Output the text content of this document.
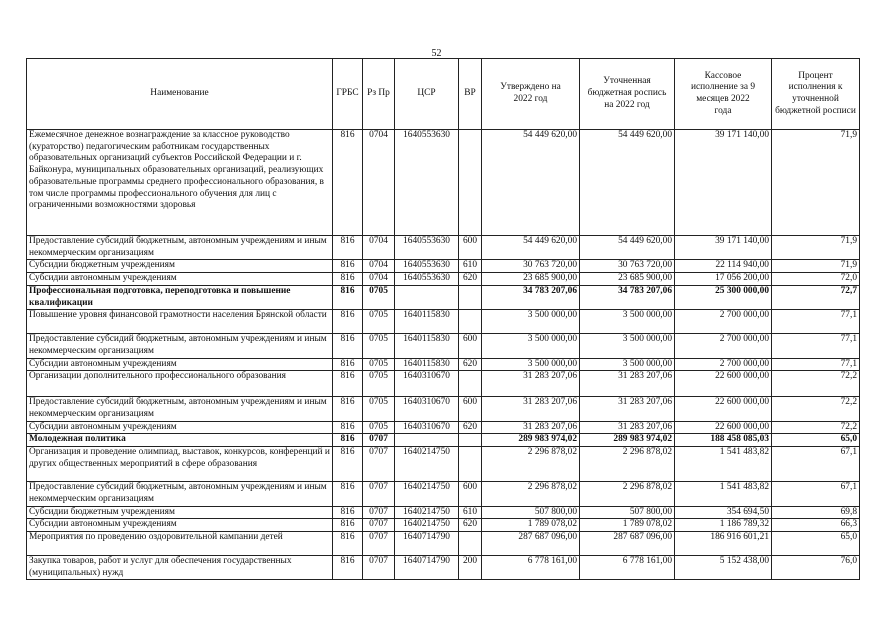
52
Наименование	ГРБС	Рз Пр	ЦСР	ВР	Утверждено на 2022 год	Уточненная бюджетная роспись на 2022 год	Кассовое исполнение за 9 месяцев 2022 года	Процент исполнения к уточненной бюджетной росписи
Ежемесячное денежное вознаграждение за классное руководство (кураторство) педагогическим работникам государственных образовательных организаций субъектов Российской Федерации и г. Байконура, муниципальных образовательных организаций, реализующих образовательные программы среднего профессионального образования, в том числе программы профессионального обучения для лиц с ограниченными возможностями здоровья	816	0704	1640553630		54 449 620,00	54 449 620,00	39 171 140,00	71,9
Предоставление субсидий бюджетным, автономным учреждениям и иным некоммерческим организациям	816	0704	1640553630	600	54 449 620,00	54 449 620,00	39 171 140,00	71,9
Субсидии бюджетным учреждениям	816	0704	1640553630	610	30 763 720,00	30 763 720,00	22 114 940,00	71,9
Субсидии автономным учреждениям	816	0704	1640553630	620	23 685 900,00	23 685 900,00	17 056 200,00	72,0
Профессиональная подготовка, переподготовка и повышение квалификации	816	0705			34 783 207,06	34 783 207,06	25 300 000,00	72,7
Повышение уровня финансовой грамотности населения Брянской области	816	0705	1640115830		3 500 000,00	3 500 000,00	2 700 000,00	77,1
Предоставление субсидий бюджетным, автономным учреждениям и иным некоммерческим организациям	816	0705	1640115830	600	3 500 000,00	3 500 000,00	2 700 000,00	77,1
Субсидии автономным учреждениям	816	0705	1640115830	620	3 500 000,00	3 500 000,00	2 700 000,00	77,1
Организации дополнительного профессионального образования	816	0705	1640310670		31 283 207,06	31 283 207,06	22 600 000,00	72,2
Предоставление субсидий бюджетным, автономным учреждениям и иным некоммерческим организациям	816	0705	1640310670	600	31 283 207,06	31 283 207,06	22 600 000,00	72,2
Субсидии автономным учреждениям	816	0705	1640310670	620	31 283 207,06	31 283 207,06	22 600 000,00	72,2
Молодежная политика	816	0707			289 983 974,02	289 983 974,02	188 458 085,03	65,0
Организация и проведение олимпиад, выставок, конкурсов, конференций и других общественных мероприятий в сфере образования	816	0707	1640214750		2 296 878,02	2 296 878,02	1 541 483,82	67,1
Предоставление субсидий бюджетным, автономным учреждениям и иным некоммерческим организациям	816	0707	1640214750	600	2 296 878,02	2 296 878,02	1 541 483,82	67,1
Субсидии бюджетным учреждениям	816	0707	1640214750	610	507 800,00	507 800,00	354 694,50	69,8
Субсидии автономным учреждениям	816	0707	1640214750	620	1 789 078,02	1 789 078,02	1 186 789,32	66,3
Мероприятия по проведению оздоровительной кампании детей	816	0707	1640714790		287 687 096,00	287 687 096,00	186 916 601,21	65,0
Закупка товаров, работ и услуг для обеспечения государственных (муниципальных) нужд	816	0707	1640714790	200	6 778 161,00	6 778 161,00	5 152 438,00	76,0
